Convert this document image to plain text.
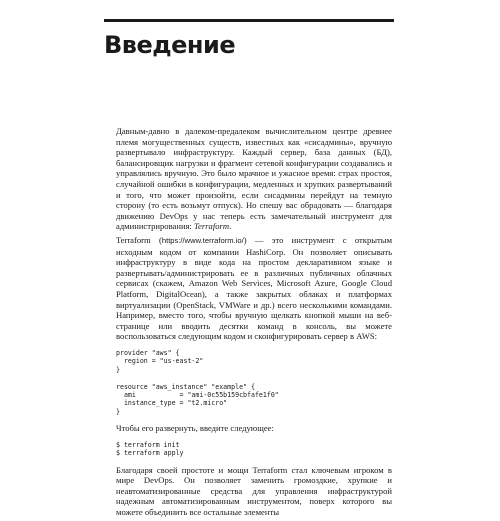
Введение

Давным-давно в далеком-предалеком вычислительном центре древнее племя могущественных существ, известных как «сисадмины», вручную развертывало инфраструктуру. Каждый сервер, база данных (БД), балансировщик нагрузки и фрагмент сетевой конфигурации создавались и управлялись вручную. Это было мрачное и ужасное время: страх простоя, случайной ошибки в конфигурации, медленных и хрупких развертываний и того, что может произойти, если сисадмины перейдут на темную сторону (то есть возьмут отпуск). Но спешу вас обрадовать — благодаря движению DevOps у нас теперь есть замечательный инструмент для администрирования: Terraform.

Terraform (https://www.terraform.io/) — это инструмент с открытым исходным кодом от компании HashiCorp. Он позволяет описывать инфраструктуру в виде кода на простом декларативном языке и развертывать/администрировать ее в различных публичных облачных сервисах (скажем, Amazon Web Services, Microsoft Azure, Google Cloud Platform, DigitalOcean), а также закрытых облаках и платформах виртуализации (OpenStack, VMWare и др.) всего несколькими командами. Например, вместо того, чтобы вручную щелкать кнопкой мыши на веб-странице или вводить десятки команд в консоль, вы можете воспользоваться следующим кодом и сконфигурировать сервер в AWS:

provider "aws" {
region = "us-east-2"
}

resource "aws_instance" "example" {
ami           = "ami-0c55b159cbfafe1f0"
instance_type = "t2.micro"
}

Чтобы его развернуть, введите следующее:

$ terraform init
$ terraform apply

Благодаря своей простоте и мощи Terraform стал ключевым игроком в мире DevOps. Он позволяет заменить громоздкие, хрупкие и неавтоматизированные средства для управления инфраструктурой надежным автоматизированным инструментом, поверх которого вы можете объединить все остальные элементы
